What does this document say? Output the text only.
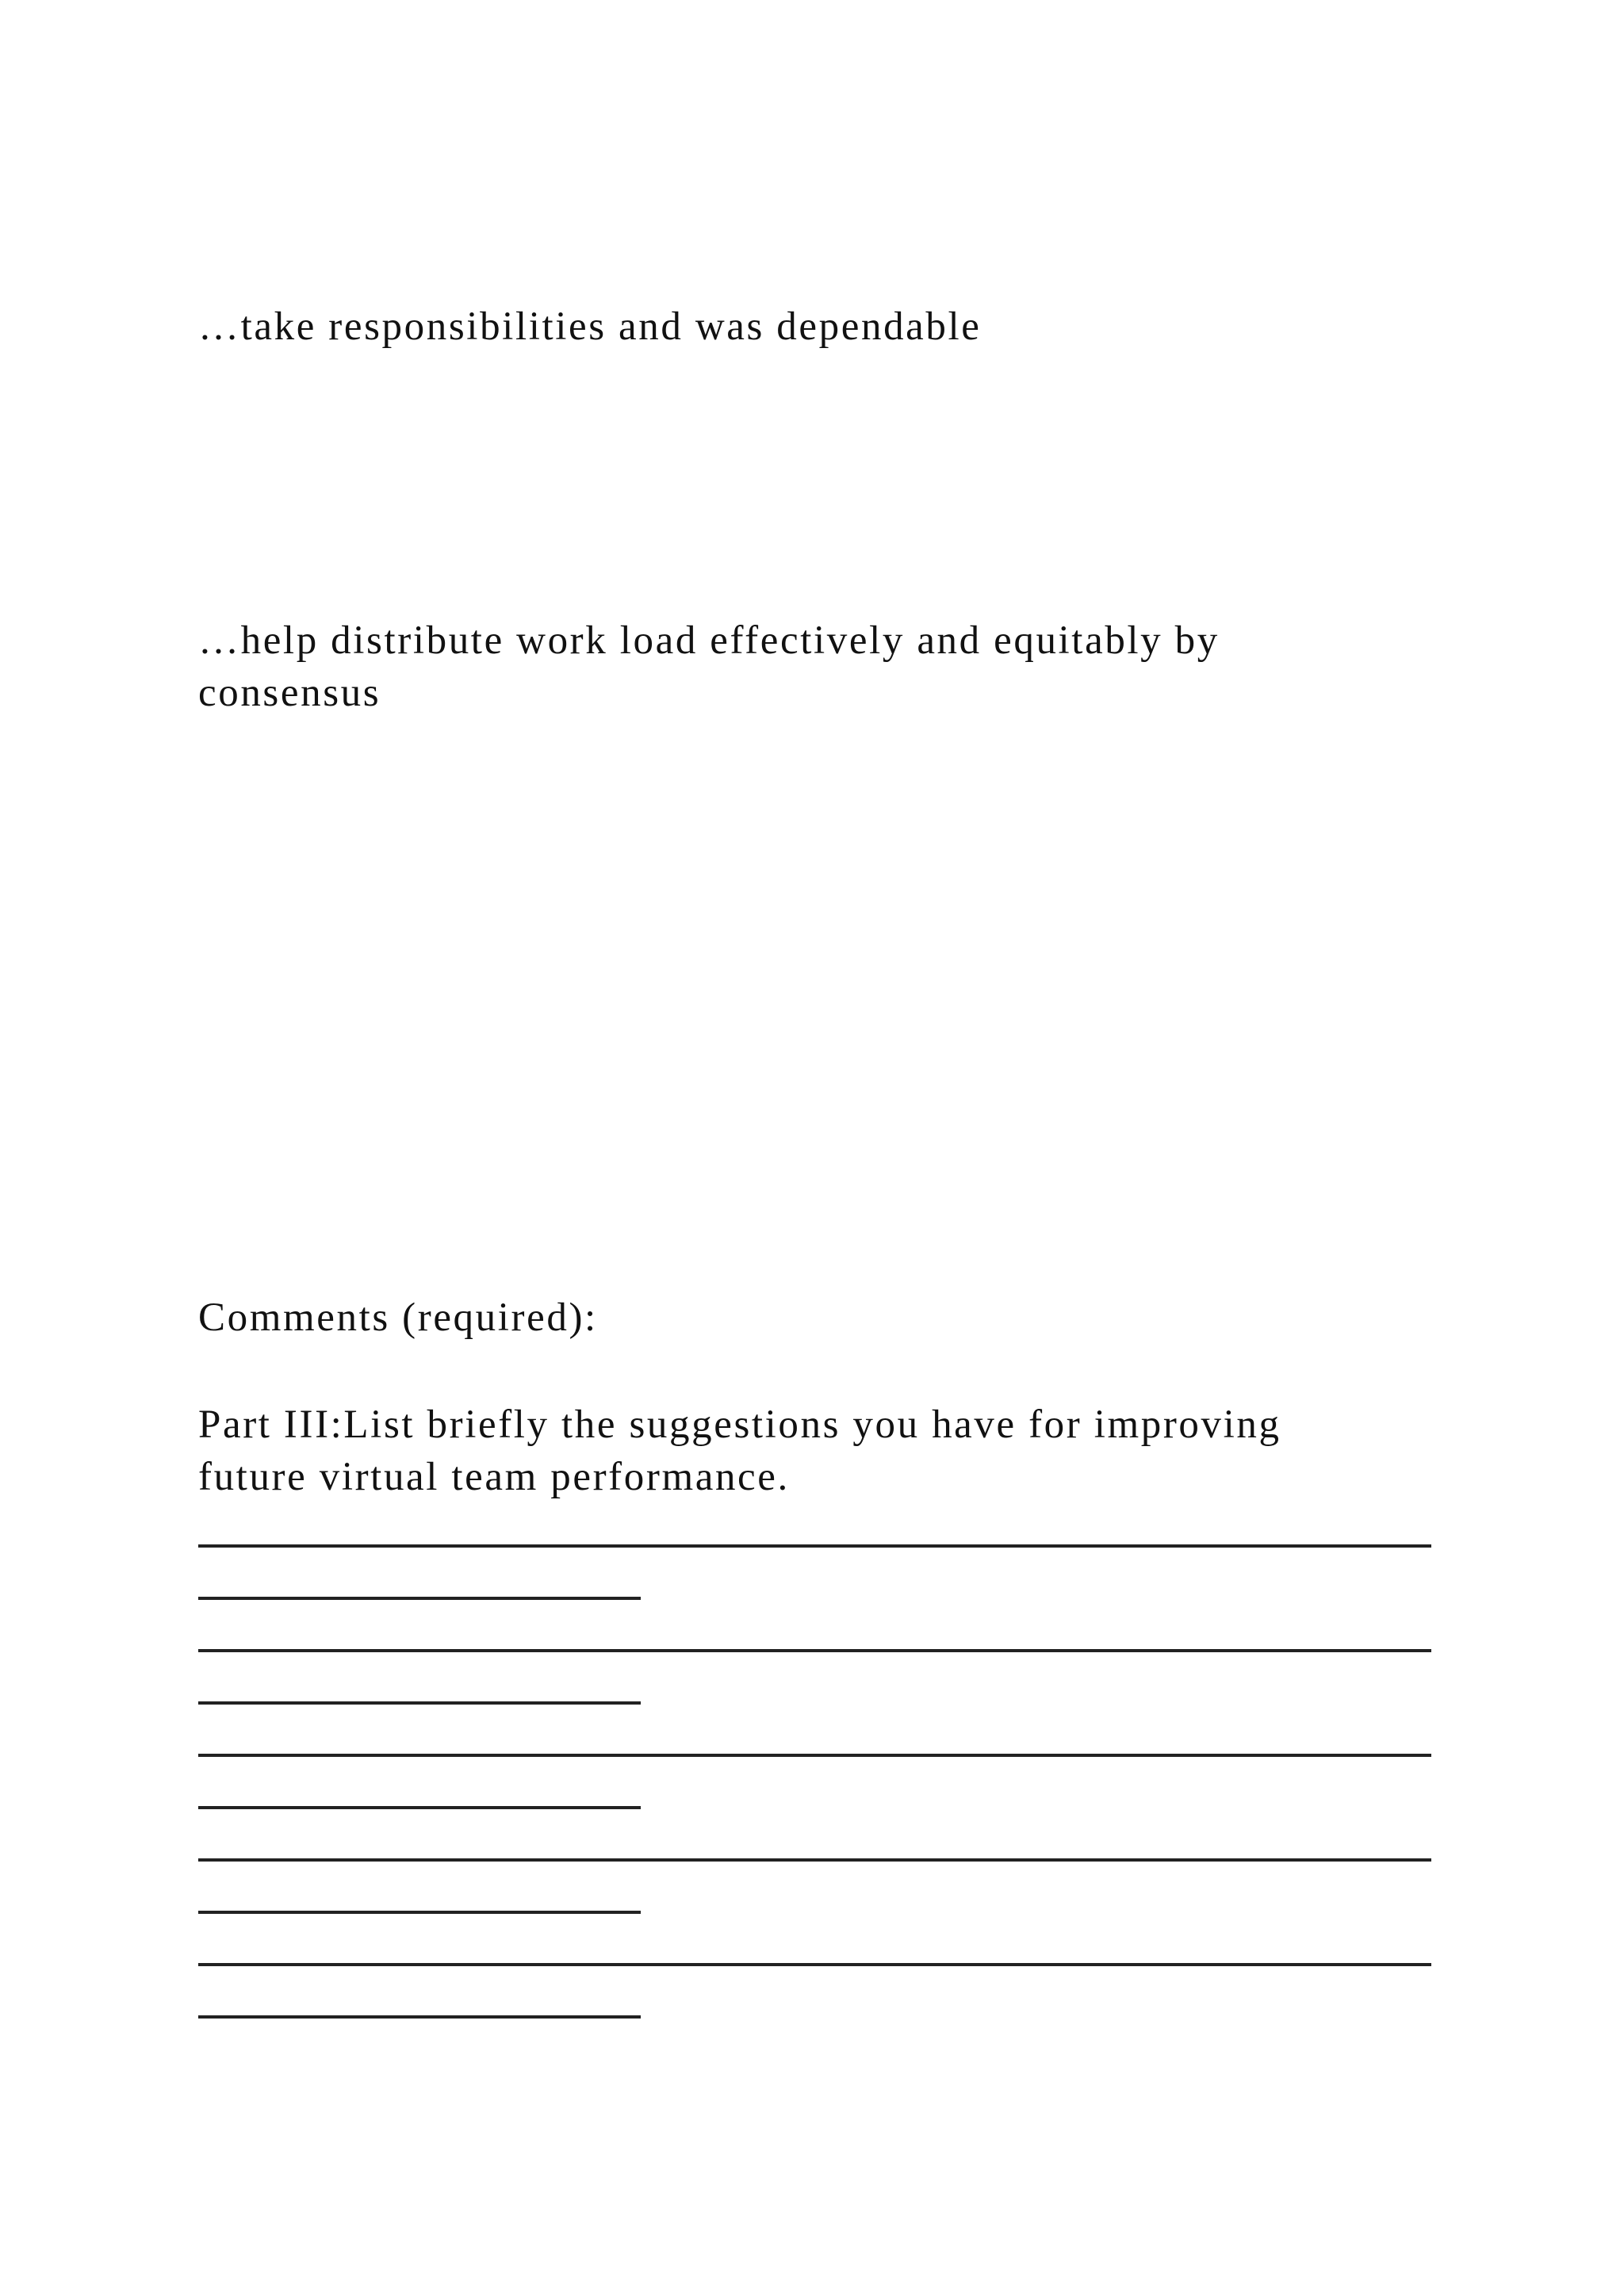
…take responsibilities and was dependable

…help distribute work load effectively and equitably by

consensus

Comments (required):

Part III:List briefly the suggestions you have for improving

future virtual team performance.
